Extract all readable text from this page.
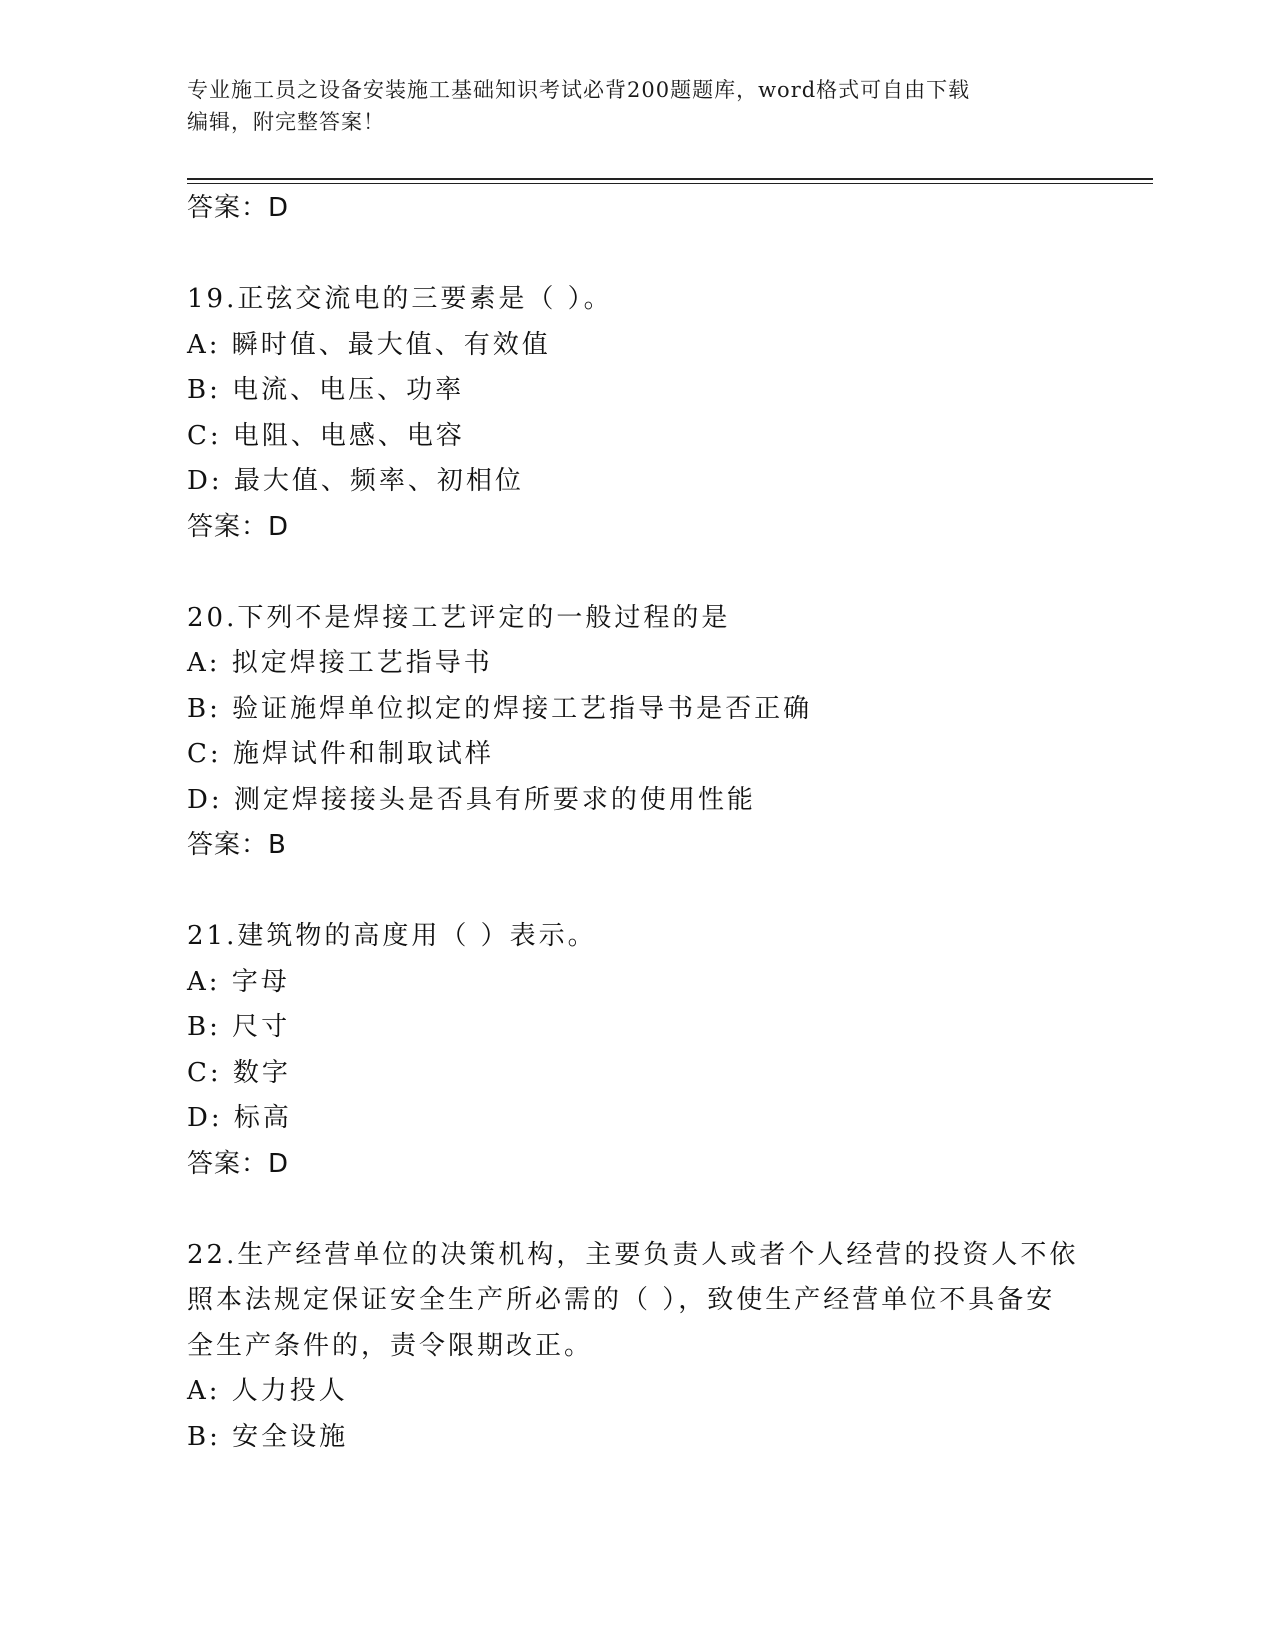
专业施工员之设备安装施工基础知识考试必背200题题库，word格式可自由下载
编辑，附完整答案！
答案：D
19.正弦交流电的三要素是（ ）。
A: 瞬时值、最大值、有效值
B: 电流、电压、功率
C: 电阻、电感、电容
D: 最大值、频率、初相位
答案：D
20.下列不是焊接工艺评定的一般过程的是
A: 拟定焊接工艺指导书
B: 验证施焊单位拟定的焊接工艺指导书是否正确
C: 施焊试件和制取试样
D: 测定焊接接头是否具有所要求的使用性能
答案：B
21.建筑物的高度用（ ）表示。
A: 字母
B: 尺寸
C: 数字
D: 标高
答案：D
22.生产经营单位的决策机构，主要负责人或者个人经营的投资人不依
照本法规定保证安全生产所必需的（ ），致使生产经营单位不具备安
全生产条件的，责令限期改正。
A: 人力投人
B: 安全设施
